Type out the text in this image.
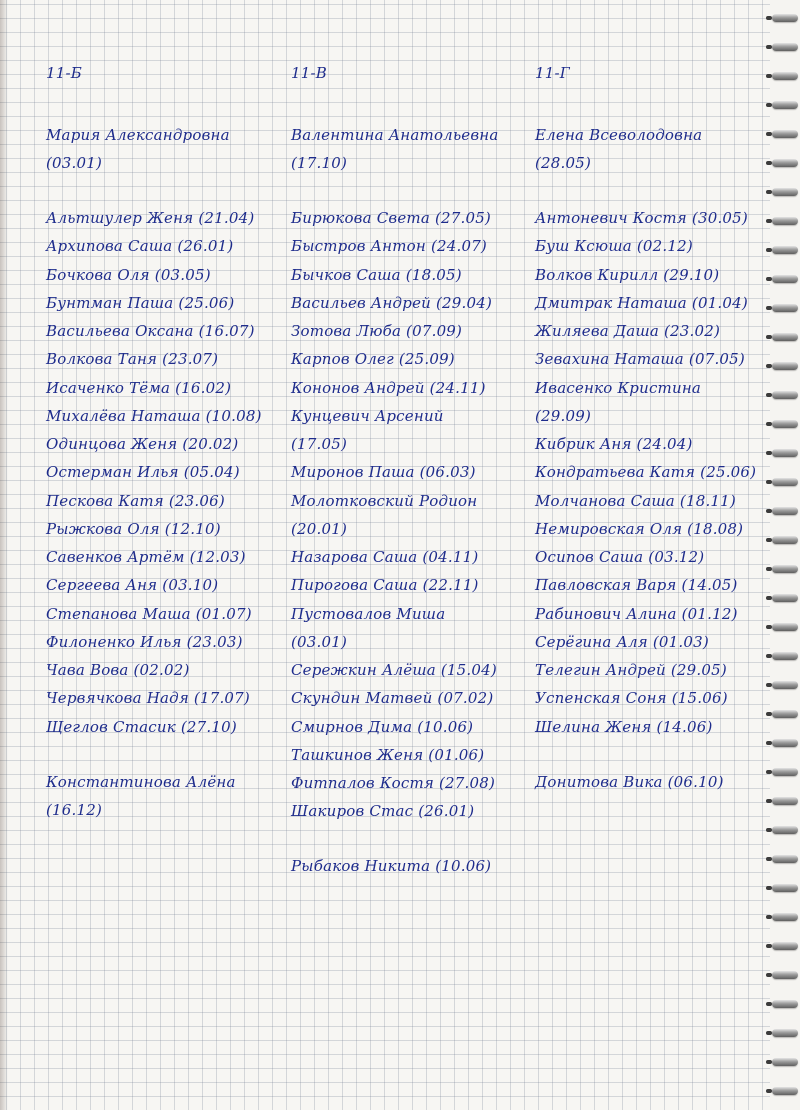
11-Б
Мария Александровна
(03.01)
Альтшулер Женя (21.04)
Архипова Саша (26.01)
Бочкова Оля (03.05)
Бунтман Паша (25.06)
Васильева Оксана (16.07)
Волкова Таня (23.07)
Исаченко Тёма (16.02)
Михалёва Наташа (10.08)
Одинцова Женя (20.02)
Остерман Илья (05.04)
Пескова Катя (23.06)
Рыжкова Оля (12.10)
Савенков Артём (12.03)
Сергеева Аня (03.10)
Степанова Маша (01.07)
Филоненко Илья (23.03)
Чава Вова (02.02)
Червячкова Надя (17.07)
Щеглов Стасик (27.10)
Константинова Алёна
(16.12)
11-В
Валентина Анатольевна
(17.10)
Бирюкова Света (27.05)
Быстров Антон (24.07)
Бычков Саша (18.05)
Васильев Андрей (29.04)
Зотова Люба (07.09)
Карпов Олег (25.09)
Кононов Андрей (24.11)
Кунцевич Арсений
(17.05)
Миронов Паша (06.03)
Молотковский Родион
(20.01)
Назарова Саша (04.11)
Пирогова Саша (22.11)
Пустовалов Миша
(03.01)
Сережкин Алёша (15.04)
Скундин Матвей (07.02)
Смирнов Дима (10.06)
Ташкинов Женя (01.06)
Фитпалов Костя (27.08)
Шакиров Стас (26.01)
Рыбаков Никита (10.06)
11-Г
Елена Всеволодовна
(28.05)
Антоневич Костя (30.05)
Буш Ксюша (02.12)
Волков Кирилл (29.10)
Дмитрак Наташа (01.04)
Жиляева Даша (23.02)
Зевахина Наташа (07.05)
Ивасенко Кристина
(29.09)
Кибрик Аня (24.04)
Кондратьева Катя (25.06)
Молчанова Саша (18.11)
Немировская Оля (18.08)
Осипов Саша (03.12)
Павловская Варя (14.05)
Рабинович Алина (01.12)
Серёгина Аля (01.03)
Телегин Андрей (29.05)
Успенская Соня (15.06)
Шелина Женя (14.06)
Донитова Вика (06.10)
